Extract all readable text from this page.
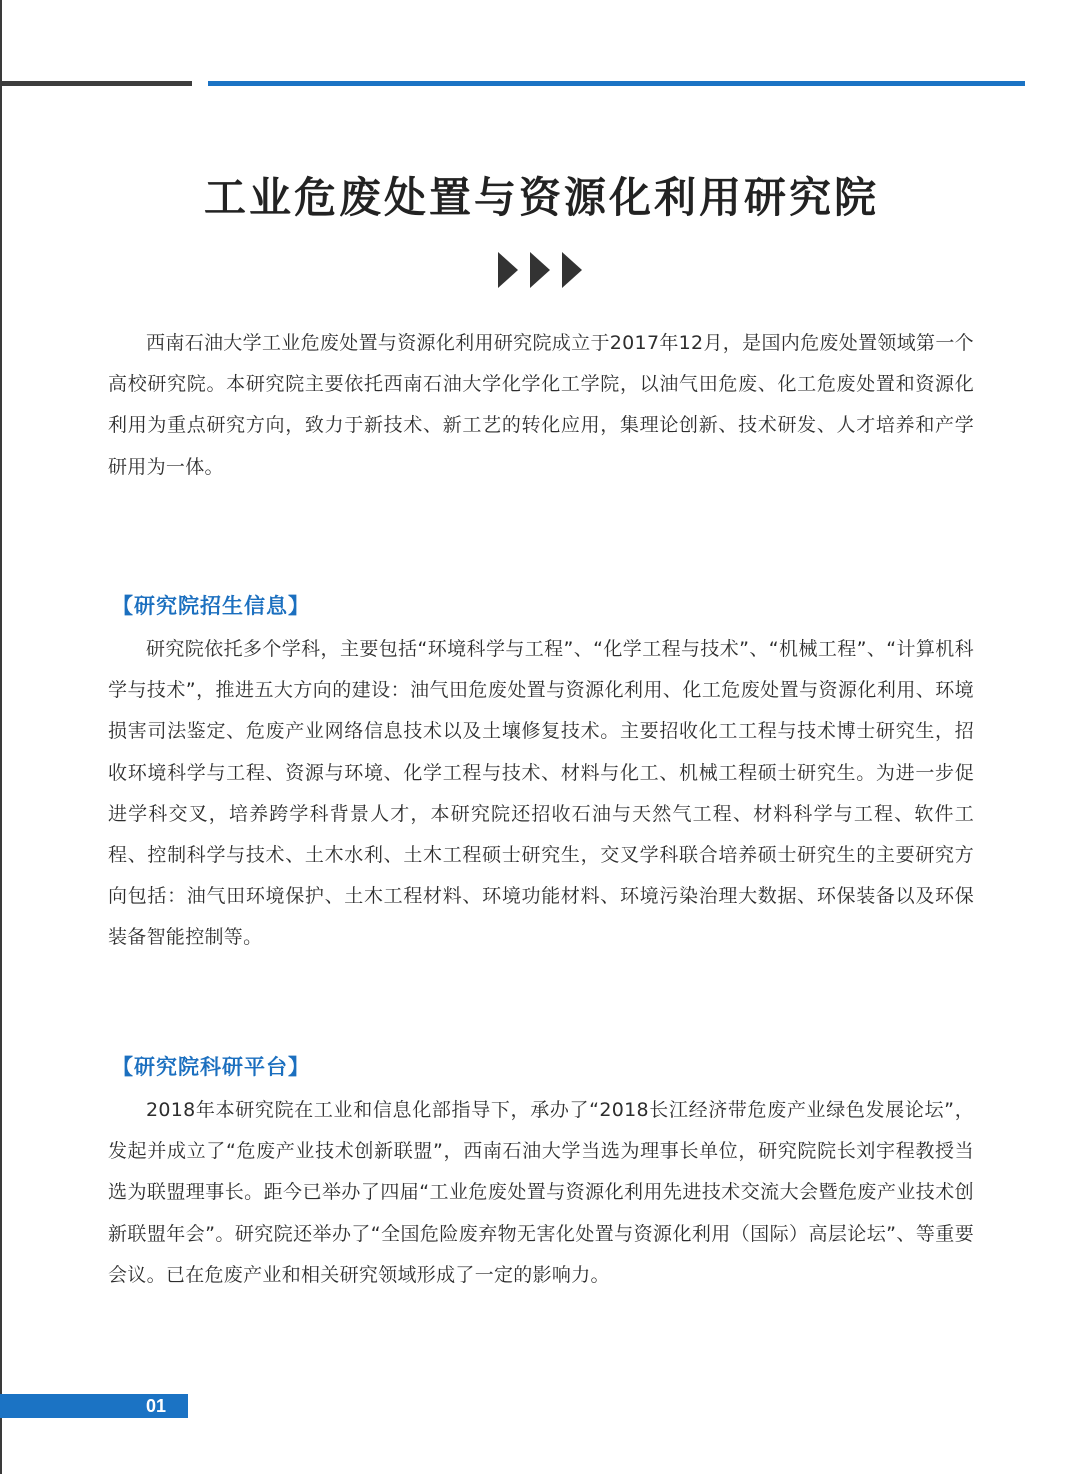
工业危废处置与资源化利用研究院

西南石油大学工业危废处置与资源化利用研究院成立于2017年12月，是国内危废处置领域第一个高校研究院。本研究院主要依托西南石油大学化学化工学院，以油气田危废、化工危废处置和资源化利用为重点研究方向，致力于新技术、新工艺的转化应用，集理论创新、技术研发、人才培养和产学研用为一体。

【研究院招生信息】

研究院依托多个学科，主要包括“环境科学与工程”、“化学工程与技术”、“机械工程”、“计算机科学与技术”，推进五大方向的建设：油气田危废处置与资源化利用、化工危废处置与资源化利用、环境损害司法鉴定、危废产业网络信息技术以及土壤修复技术。主要招收化工工程与技术博士研究生，招收环境科学与工程、资源与环境、化学工程与技术、材料与化工、机械工程硕士研究生。为进一步促进学科交叉，培养跨学科背景人才，本研究院还招收石油与天然气工程、材料科学与工程、软件工程、控制科学与技术、土木水利、土木工程硕士研究生，交叉学科联合培养硕士研究生的主要研究方向包括：油气田环境保护、土木工程材料、环境功能材料、环境污染治理大数据、环保装备以及环保装备智能控制等。

【研究院科研平台】

2018年本研究院在工业和信息化部指导下，承办了“2018长江经济带危废产业绿色发展论坛”，发起并成立了“危废产业技术创新联盟”，西南石油大学当选为理事长单位，研究院院长刘宇程教授当选为联盟理事长。距今已举办了四届“工业危废处置与资源化利用先进技术交流大会暨危废产业技术创新联盟年会”。研究院还举办了“全国危险废弃物无害化处置与资源化利用（国际）高层论坛”、等重要会议。已在危废产业和相关研究领域形成了一定的影响力。

01
